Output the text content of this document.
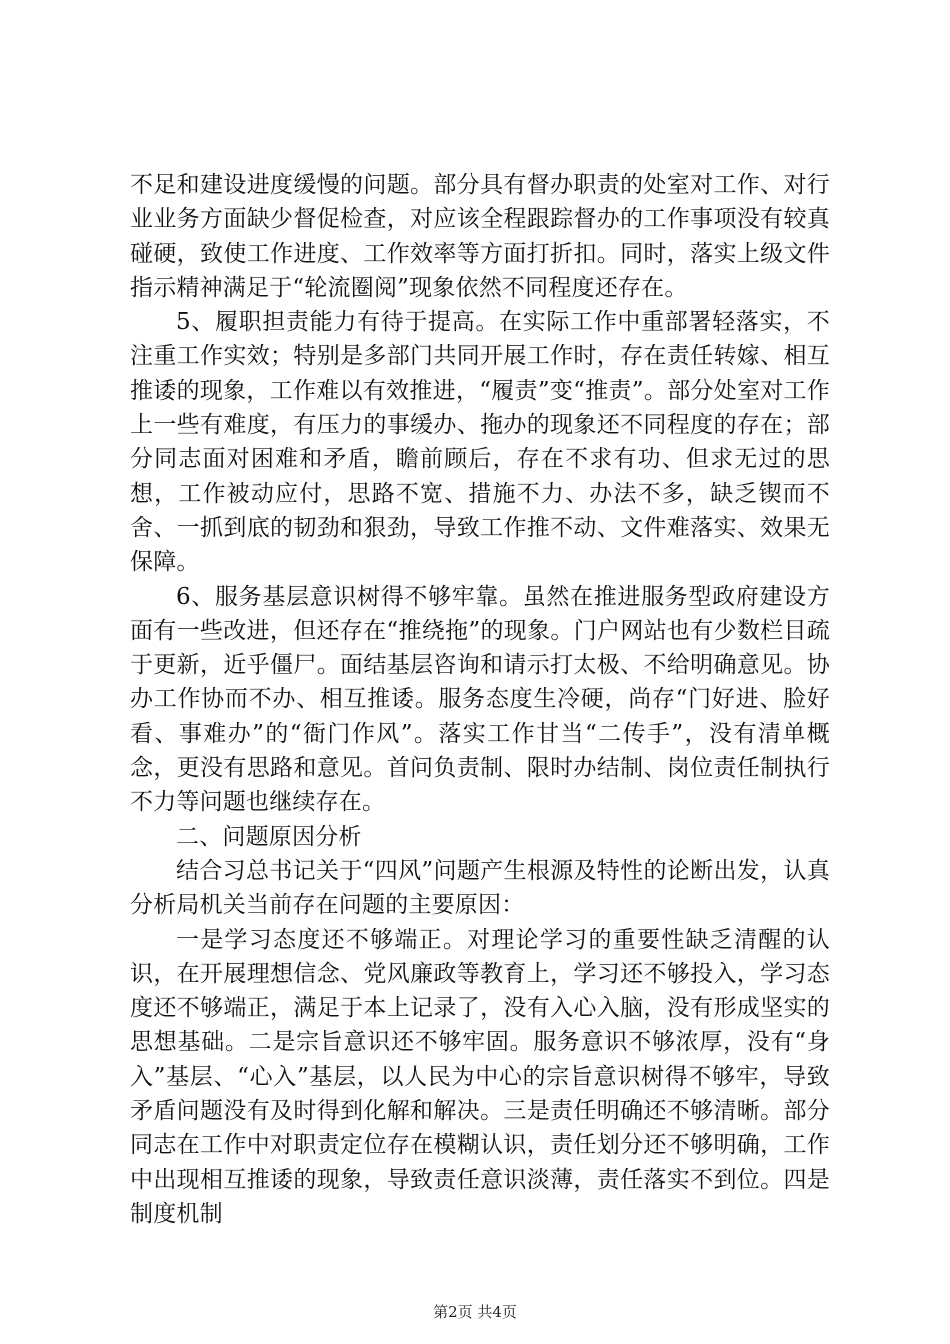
不足和建设进度缓慢的问题。部分具有督办职责的处室对工作、对行业业务方面缺少督促检查，对应该全程跟踪督办的工作事项没有较真碰硬，致使工作进度、工作效率等方面打折扣。同时，落实上级文件指示精神满足于“轮流圈阅”现象依然不同程度还存在。

5、履职担责能力有待于提高。在实际工作中重部署轻落实，不注重工作实效；特别是多部门共同开展工作时，存在责任转嫁、相互推诿的现象，工作难以有效推进，“履责”变“推责”。部分处室对工作上一些有难度，有压力的事缓办、拖办的现象还不同程度的存在；部分同志面对困难和矛盾，瞻前顾后，存在不求有功、但求无过的思想，工作被动应付，思路不宽、措施不力、办法不多，缺乏锲而不舍、一抓到底的韧劲和狠劲，导致工作推不动、文件难落实、效果无保障。

6、服务基层意识树得不够牢靠。虽然在推进服务型政府建设方面有一些改进，但还存在“推绕拖”的现象。门户网站也有少数栏目疏于更新，近乎僵尸。面结基层咨询和请示打太极、不给明确意见。协办工作协而不办、相互推诿。服务态度生冷硬，尚存“门好进、脸好看、事难办”的“衙门作风”。落实工作甘当“二传手”，没有清单概念，更没有思路和意见。首问负责制、限时办结制、岗位责任制执行不力等问题也继续存在。

二、问题原因分析

结合习总书记关于“四风”问题产生根源及特性的论断出发，认真分析局机关当前存在问题的主要原因：

一是学习态度还不够端正。对理论学习的重要性缺乏清醒的认识，在开展理想信念、党风廉政等教育上，学习还不够投入，学习态度还不够端正，满足于本上记录了，没有入心入脑，没有形成坚实的思想基础。二是宗旨意识还不够牢固。服务意识不够浓厚，没有“身入”基层、“心入”基层，以人民为中心的宗旨意识树得不够牢，导致矛盾问题没有及时得到化解和解决。三是责任明确还不够清晰。部分同志在工作中对职责定位存在模糊认识，责任划分还不够明确，工作中出现相互推诿的现象，导致责任意识淡薄，责任落实不到位。四是制度机制

第2页 共4页
